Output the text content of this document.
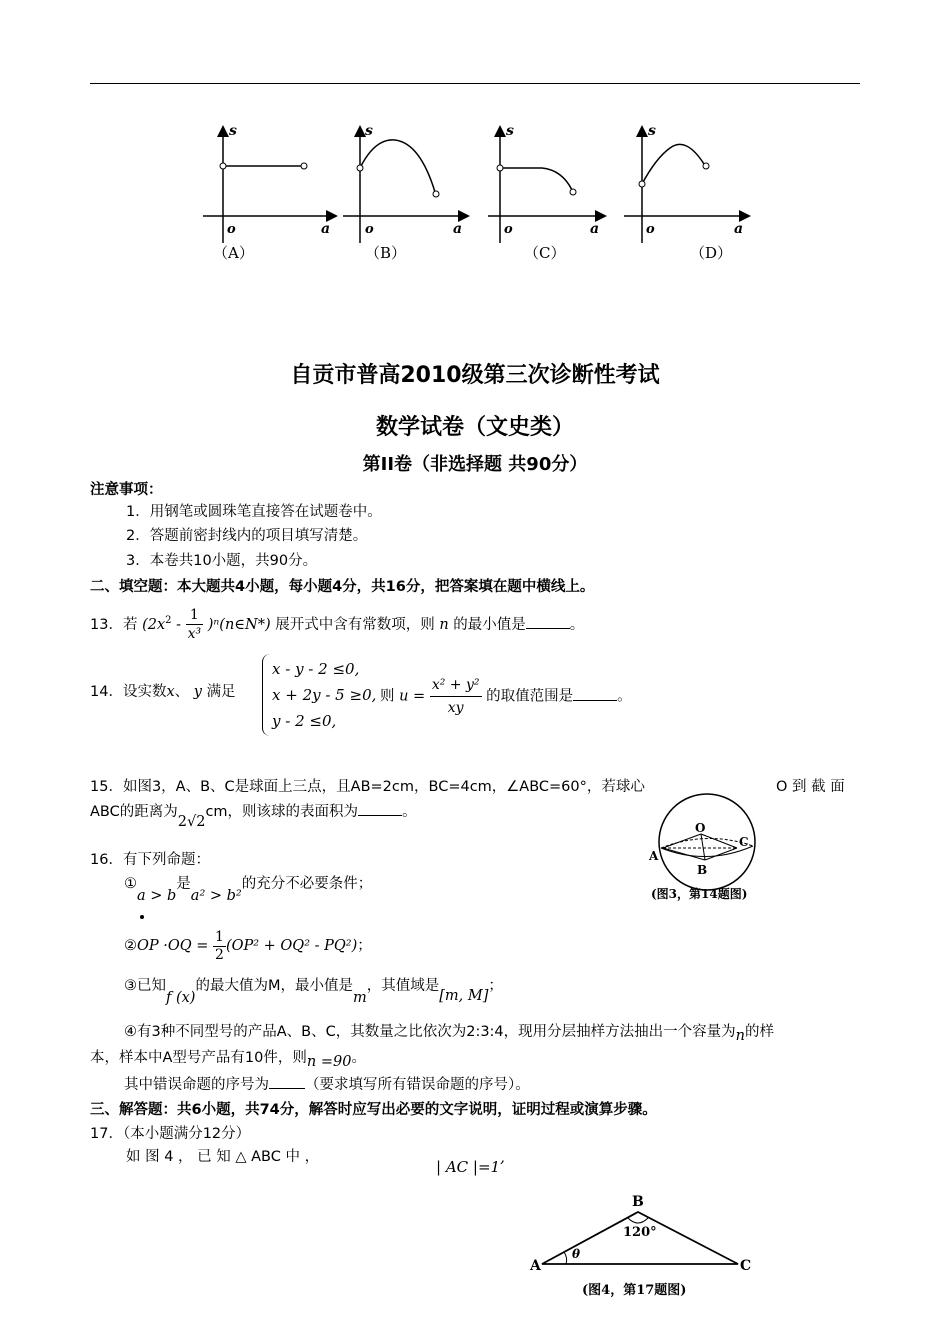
s
o	a
（A）
s
o	a
（B）
s
o	a
（C）
s
o	a
（D）
自贡市普高2010级第三次诊断性考试
数学试卷（文史类）
第II卷（非选择题 共90分）
注意事项：
1．用钢笔或圆珠笔直接答在试题卷中。
2．答题前密封线内的项目填写清楚。
3．本卷共10小题，共90分。
二、填空题：本大题共4小题，每小题4分，共16分，把答案填在题中横线上。
13．若 ($2x^2 - \frac{1}{\text{x³}}$ )ⁿ(n∈N*) 展开式中含有常数项，则 n 的最小值是	。
14．设实数x、 y 满足
x - y - 2 ≤0,
x + 2y - 5 ≥0,
y - 2 ≤0,
则 $u = \frac{\text{x² + y²}}{xy}$ 的取值范围是	。
15．如图3，A、B、C是球面上三点，且AB=2cm，BC=4cm，∠ABC=60°，若球心	O 到 截 面
ABC的距离为2√2cm，则该球的表面积为	。
O
A
B
C
(图3，第14题图)
16．有下列命题：
①a > b是a² > b²的充分不必要条件；
②OP $\cdot OQ = \frac{1}{2} (OP^2 + OQ^2 - PQ^2)$；
③已知f (x)的最大值为M，最小值是m，其值域是[m, M]；
④有3种不同型号的产品A、B、C，其数量之比依次为2:3:4，现用分层抽样方法抽出一个容量为n的样
本，样本中A型号产品有10件，则n =90。
其中错误命题的序号为 （要求填写所有错误命题的序号）。
三、解答题：共6小题，共74分，解答时应写出必要的文字说明，证明过程或演算步骤。
17．（本小题满分12分）
如 图 4 ， 已 知 △ ABC 中 ，
| AC |=1,
B
120°
θ
A	C
(图4，第17题图)
